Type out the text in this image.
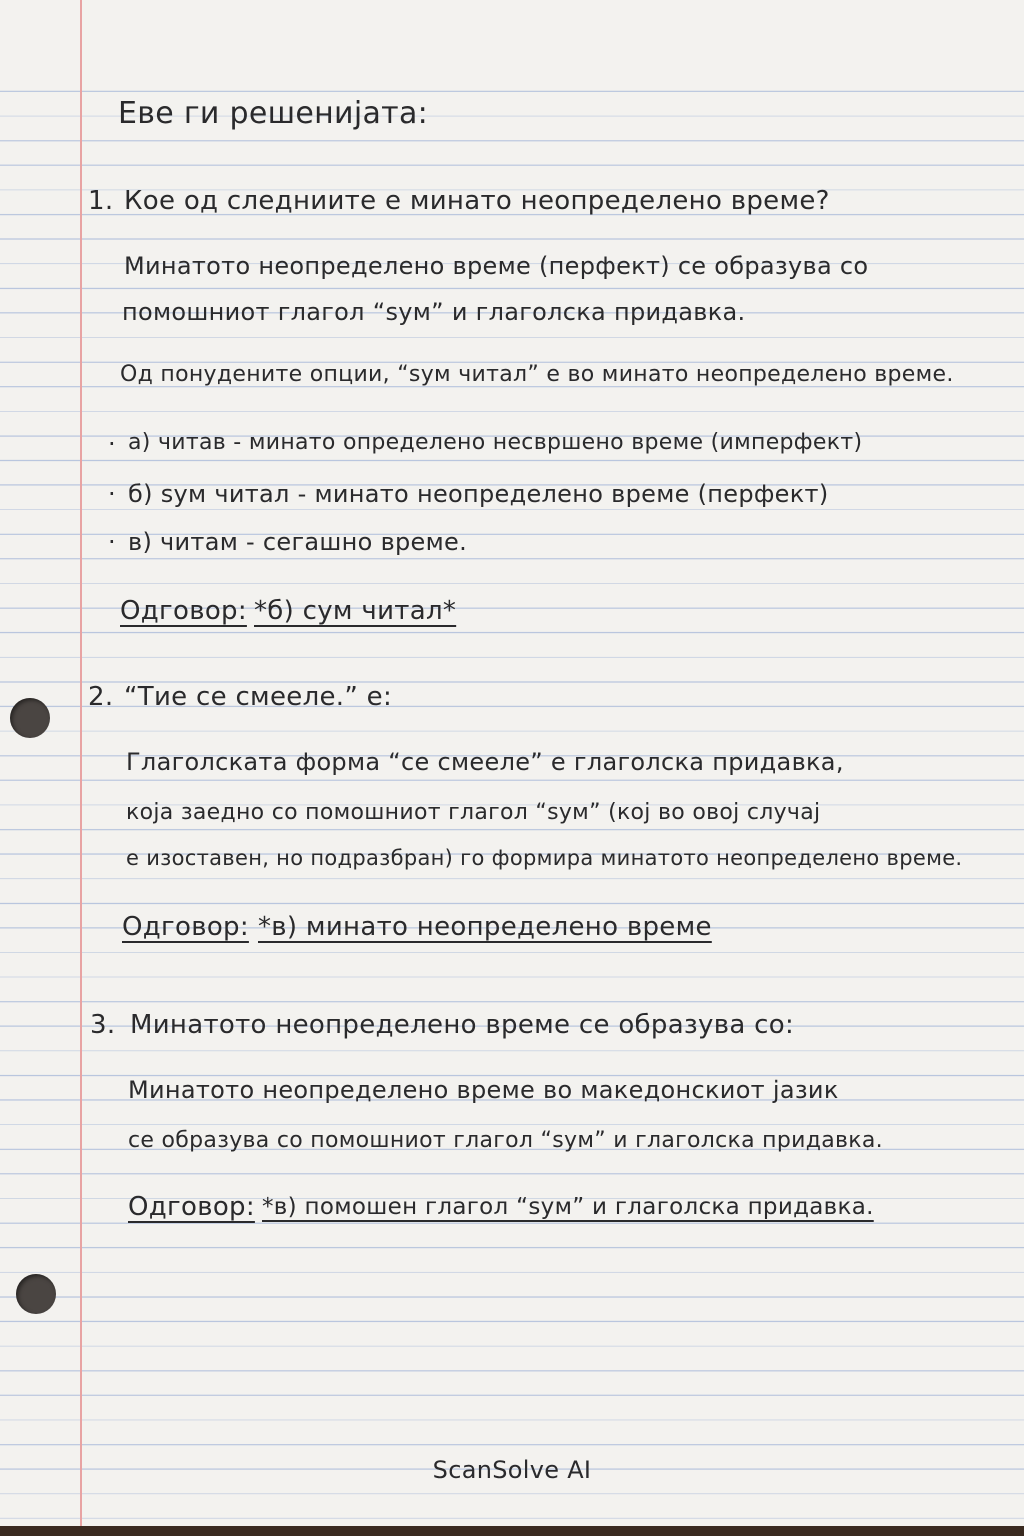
Еве ги решенијата:
1. Кое од следниите е минато неопределено време?
Минатото неопределено време (перфект) се образува со
помошниот глагол “sум” и глаголска придавка.
Од понудените опции, “sум читал” е во минато неопределено време.
· а) читав - минато определено несвршено време (имперфект)
· б) sум читал - минато неопределено време (перфект)
· в) читам - сегашно време.
Одговор: *б) сум читал*
2. “Тие се смееле.” е:
Глаголската форма “се смееле” е глаголска придавка,
која заедно со помошниот глагол “sум” (кој во овој случај
е изоставен, но подразбран) го формира минатото неопределено време.
Одговор: *в) минато неопределено време
3. Минатото неопределено време се образува со:
Минатото неопределено време во македонскиот јазик
се образува со помошниот глагол “sум” и глаголска придавка.
Одговор: *в) помошен глагол “sум” и глаголска придавка.
ScanSolve AI
